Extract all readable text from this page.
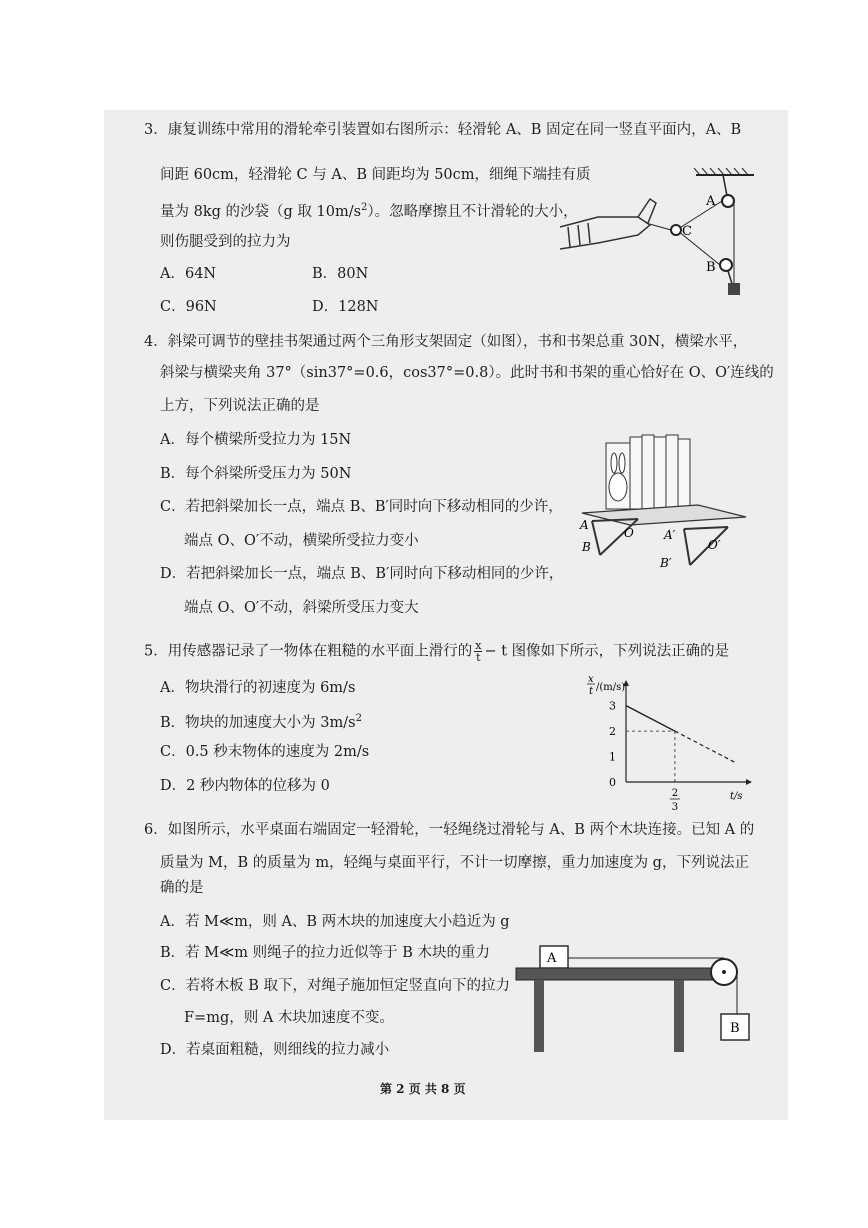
3．康复训练中常用的滑轮牵引装置如右图所示：轻滑轮 A、B 固定在同一竖直平面内，A、B
间距 60cm，轻滑轮 C 与 A、B 间距均为 50cm，细绳下端挂有质
量为 8kg 的沙袋（g 取 $10m/s^2$）。忽略摩擦且不计滑轮的大小，
则伤腿受到的拉力为
A．64N	B．80N
C．96N	D．128N
A
B
C
4．斜梁可调节的壁挂书架通过两个三角形支架固定（如图），书和书架总重 30N，横梁水平，
斜梁与横梁夹角 37°（sin37°=0.6，cos37°=0.8）。此时书和书架的重心恰好在 O、O′连线的
上方，下列说法正确的是
A．每个横梁所受拉力为 15N
B．每个斜梁所受压力为 50N
C．若把斜梁加长一点，端点 B、B′同时向下移动相同的少许，
端点 O、O′不动，横梁所受拉力变小
D．若把斜梁加长一点，端点 B、B′同时向下移动相同的少许，
端点 O、O′不动，斜梁所受压力变大
A
O	A′
O′
B
B′
5．用传感器记录了一物体在粗糙的水平面上滑行的 $\frac{x}{t} - t$ 图像如下所示，下列说法正确的是
A．物块滑行的初速度为 6m/s
B．物块的加速度大小为 $3m/s^2$
C．0.5 秒末物体的速度为 2m/s
D．2 秒内物体的位移为 0
x
t /(m/s)
t/s
3
2
1
0
2
3
6．如图所示，水平桌面右端固定一轻滑轮，一轻绳绕过滑轮与 A、B 两个木块连接。已知 A 的
质量为 M，B 的质量为 m，轻绳与桌面平行，不计一切摩擦，重力加速度为 g，下列说法正
确的是
A．若 M≪m，则 A、B 两木块的加速度大小趋近为 g
B．若 M≪m 则绳子的拉力近似等于 B 木块的重力
C．若将木板 B 取下，对绳子施加恒定竖直向下的拉力
F=mg，则 A 木块加速度不变。
D．若桌面粗糙，则细线的拉力减小
A
B
第 2 页 共 8 页
